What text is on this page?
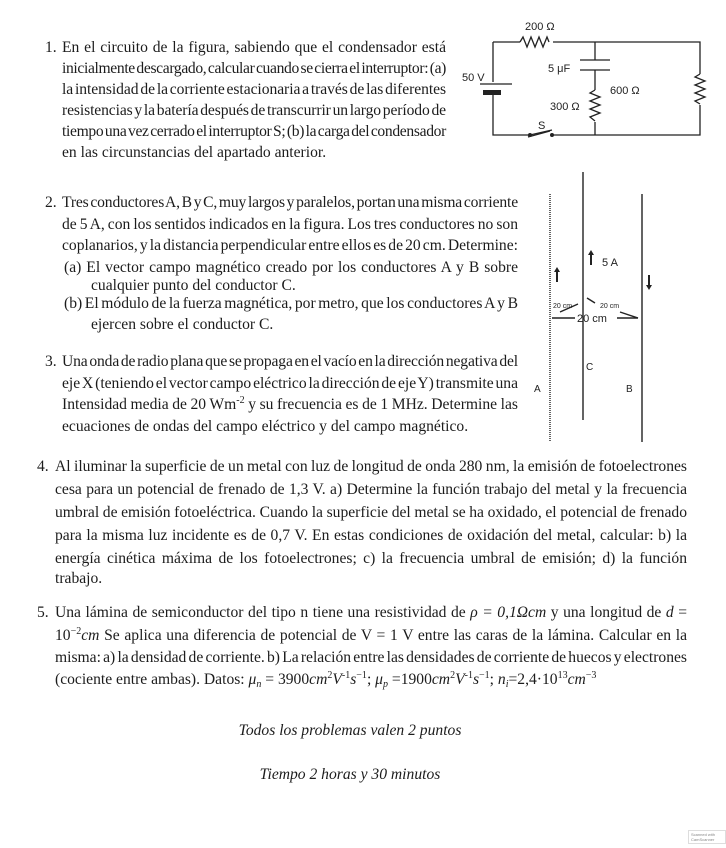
1. En el circuito de la figura, sabiendo que el condensador está
inicialmente descargado, calcular cuando se cierra el interruptor: (a)
la intensidad de la corriente estacionaria a través de las diferentes
resistencias y la batería después de transcurrir un largo período de
tiempo una vez cerrado el interruptor S; (b) la carga del condensador
en las circunstancias del apartado anterior.
200 Ω
5 μF
300 Ω
600 Ω
50 V
S
2. Tres conductores A, B y C, muy largos y paralelos, portan una misma corriente
de 5 A, con los sentidos indicados en la figura. Los tres conductores no son
coplanarios, y la distancia perpendicular entre ellos es de 20 cm. Determine:
(a) El vector campo magnético creado por los conductores A y B sobre
cualquier punto del conductor C.
(b) El módulo de la fuerza magnética, por metro, que los conductores A y B
ejercen sobre el conductor C.
5 A
20 cm	20 cm
20 cm
A	B
C
3. Una onda de radio plana que se propaga en el vacío en la dirección negativa del
eje X (teniendo el vector campo eléctrico la dirección de eje Y) transmite una
Intensidad media de 20 $Wm^{-2}$ y su frecuencia es de 1 MHz. Determine las
ecuaciones de ondas del campo eléctrico y del campo magnético.
4. Al iluminar la superficie de un metal con luz de longitud de onda 280 nm, la emisión de fotoelectrones
cesa para un potencial de frenado de 1,3 V. a) Determine la función trabajo del metal y la frecuencia
umbral de emisión fotoeléctrica. Cuando la superficie del metal se ha oxidado, el potencial de frenado
para la misma luz incidente es de 0,7 V. En estas condiciones de oxidación del metal, calcular: b) la
energía cinética máxima de los fotoelectrones; c) la frecuencia umbral de emisión; d) la función
trabajo.
5. Una lámina de semiconductor del tipo n tiene una resistividad de ρ = 0,1Ωcm y una longitud de d =
$10^{-2}cm$ Se aplica una diferencia de potencial de V = 1 V entre las caras de la lámina. Calcular en la
misma: a) la densidad de corriente. b) La relación entre las densidades de corriente de huecos y electrones
(cociente entre ambas). Datos: $\mu_n = 3900cm^2V^{-1}s^{-1}$; $\mu_p =1900cm^2V^{-1}s^{-1}$; $n_i=2,4\cdot 10^{13}cm^{-3}$
Todos los problemas valen 2 puntos
Tiempo 2 horas y 30 minutos
Scanned with CamScanner
